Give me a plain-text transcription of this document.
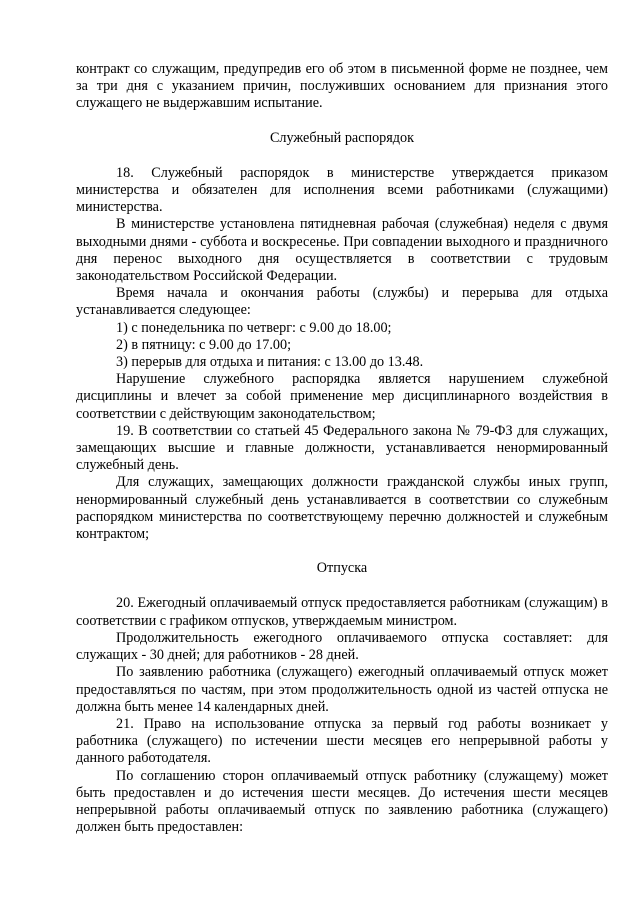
контракт со служащим, предупредив его об этом в письменной форме не позднее, чем за три дня с указанием причин, послуживших основанием для признания этого служащего не выдержавшим испытание.

Служебный распорядок

18. Служебный распорядок в министерстве утверждается приказом министерства и обязателен для исполнения всеми работниками (служащими) министерства.

В министерстве установлена пятидневная рабочая (служебная) неделя с двумя выходными днями - суббота и воскресенье. При совпадении выходного и праздничного дня перенос выходного дня осуществляется в соответствии с трудовым законодательством Российской Федерации.

Время начала и окончания работы (службы) и перерыва для отдыха устанавливается следующее:

1) с понедельника по четверг: с 9.00 до 18.00;

2) в пятницу: с 9.00 до 17.00;

3) перерыв для отдыха и питания: с 13.00 до 13.48.

Нарушение служебного распорядка является нарушением служебной дисциплины и влечет за собой применение мер дисциплинарного воздействия в соответствии с действующим законодательством;

19. В соответствии со статьей 45 Федерального закона № 79-ФЗ для служащих, замещающих высшие и главные должности, устанавливается ненормированный служебный день.

Для служащих, замещающих должности гражданской службы иных групп, ненормированный служебный день устанавливается в соответствии со служебным распорядком министерства по соответствующему перечню должностей и служебным контрактом;

Отпуска

20. Ежегодный оплачиваемый отпуск предоставляется работникам (служащим) в соответствии с графиком отпусков, утверждаемым министром.

Продолжительность ежегодного оплачиваемого отпуска составляет: для служащих - 30 дней; для работников - 28 дней.

По заявлению работника (служащего) ежегодный оплачиваемый отпуск может предоставляться по частям, при этом продолжительность одной из частей отпуска не должна быть менее 14 календарных дней.

21. Право на использование отпуска за первый год работы возникает у работника (служащего) по истечении шести месяцев его непрерывной работы у данного работодателя.

По соглашению сторон оплачиваемый отпуск работнику (служащему) может быть предоставлен и до истечения шести месяцев. До истечения шести месяцев непрерывной работы оплачиваемый отпуск по заявлению работника (служащего) должен быть предоставлен:
